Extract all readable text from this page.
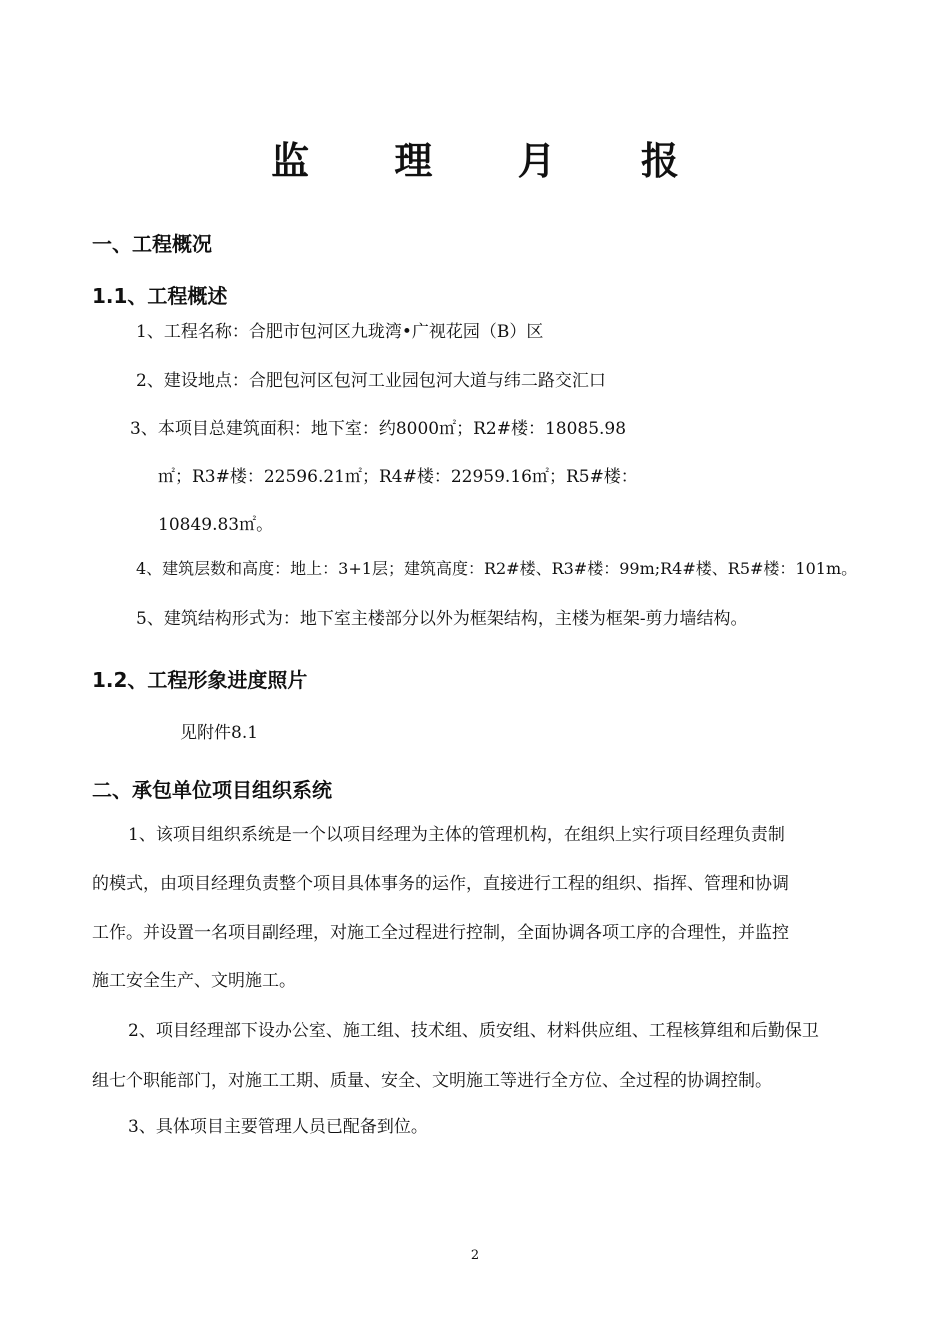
监 理 月 报
一、工程概况
1.1、工程概述
1、工程名称：合肥市包河区九珑湾•广视花园（B）区
2、建设地点：合肥包河区包河工业园包河大道与纬二路交汇口
3、本项目总建筑面积：地下室：约8000㎡；R2#楼：18085.98
㎡；R3#楼：22596.21㎡；R4#楼：22959.16㎡；R5#楼：
10849.83㎡。
4、建筑层数和高度：地上：3+1层；建筑高度：R2#楼、R3#楼：99m;R4#楼、R5#楼：101m。
5、建筑结构形式为：地下室主楼部分以外为框架结构，主楼为框架-剪力墙结构。
1.2、工程形象进度照片
见附件8.1
二、承包单位项目组织系统
1、该项目组织系统是一个以项目经理为主体的管理机构，在组织上实行项目经理负责制
的模式，由项目经理负责整个项目具体事务的运作，直接进行工程的组织、指挥、管理和协调
工作。并设置一名项目副经理，对施工全过程进行控制，全面协调各项工序的合理性，并监控
施工安全生产、文明施工。
2、项目经理部下设办公室、施工组、技术组、质安组、材料供应组、工程核算组和后勤保卫
组七个职能部门，对施工工期、质量、安全、文明施工等进行全方位、全过程的协调控制。
3、具体项目主要管理人员已配备到位。
2
